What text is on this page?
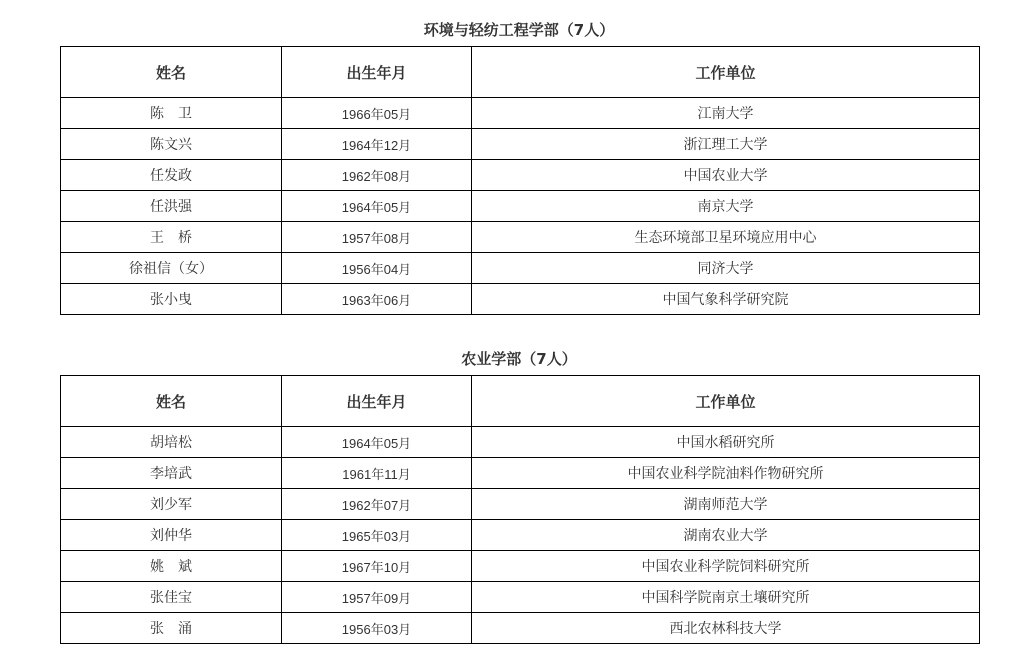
环境与轻纺工程学部（7人）
姓名	出生年月	工作单位
陈　卫	1966年05月	江南大学
陈文兴	1964年12月	浙江理工大学
任发政	1962年08月	中国农业大学
任洪强	1964年05月	南京大学
王　桥	1957年08月	生态环境部卫星环境应用中心
徐祖信（女）	1956年04月	同济大学
张小曳	1963年06月	中国气象科学研究院
农业学部（7人）
姓名	出生年月	工作单位
胡培松	1964年05月	中国水稻研究所
李培武	1961年11月	中国农业科学院油料作物研究所
刘少军	1962年07月	湖南师范大学
刘仲华	1965年03月	湖南农业大学
姚　斌	1967年10月	中国农业科学院饲料研究所
张佳宝	1957年09月	中国科学院南京土壤研究所
张　涌	1956年03月	西北农林科技大学
